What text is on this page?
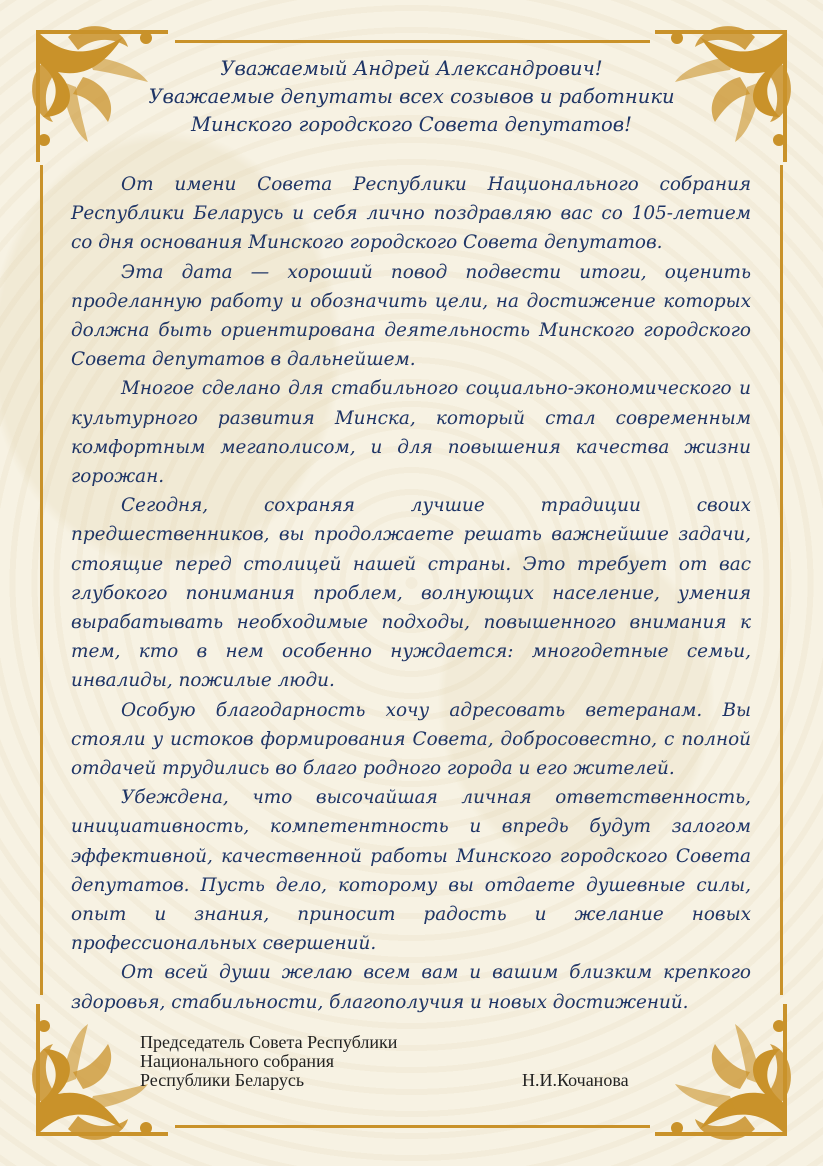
Уважаемый Андрей Александрович!
Уважаемые депутаты всех созывов и работники
Минского городского Совета депутатов!

От имени Совета Республики Национального собрания Республики Беларусь и себя лично поздравляю вас со 105-летием со дня основания Минского городского Совета депутатов.

Эта дата — хороший повод подвести итоги, оценить проделанную работу и обозначить цели, на достижение которых должна быть ориентирована деятельность Минского городского Совета депутатов в дальнейшем.

Многое сделано для стабильного социально-экономического и культурного развития Минска, который стал современным комфортным мегаполисом, и для повышения качества жизни горожан.

Сегодня, сохраняя лучшие традиции своих предшественников, вы продолжаете решать важнейшие задачи, стоящие перед столицей нашей страны. Это требует от вас глубокого понимания проблем, волнующих население, умения вырабатывать необходимые подходы, повышенного внимания к тем, кто в нем особенно нуждается: многодетные семьи, инвалиды, пожилые люди.

Особую благодарность хочу адресовать ветеранам. Вы стояли у истоков формирования Совета, добросовестно, с полной отдачей трудились во благо родного города и его жителей.

Убеждена, что высочайшая личная ответственность, инициативность, компетентность и впредь будут залогом эффективной, качественной работы Минского городского Совета депутатов. Пусть дело, которому вы отдаете душевные силы, опыт и знания, приносит радость и желание новых профессиональных свершений.

От всей души желаю всем вам и вашим близким крепкого здоровья, стабильности, благополучия и новых достижений.

Председатель Совета Республики
Национального собрания
Республики Беларусь	Н.И.Кочанова
